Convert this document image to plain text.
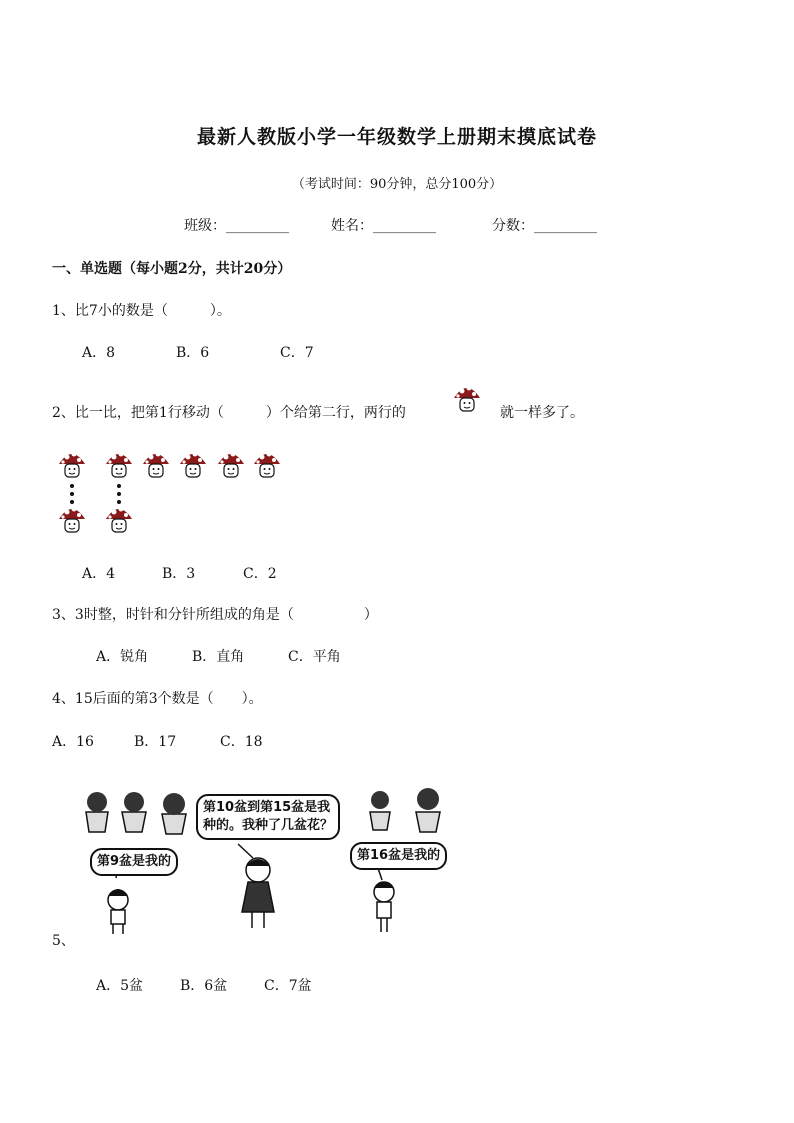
最新人教版小学一年级数学上册期末摸底试卷
（考试时间：90分钟，总分100分）
班级：_________	姓名：_________	分数：_________
一、单选题（每小题2分，共计20分）
1、比7小的数是（　　　）。
A．8	B．6	C．7
2、比一比，把第1行移动（　　　）个给第二行，两行的	就一样多了。
A．4	B．3	C．2
3、3时整，时针和分针所组成的角是（　　　　　）
A．锐角	B．直角	C．平角
4、15后面的第3个数是（　　）。
A．16	B．17	C．18
第9盆是我的
第10盆到第15盆是我
种的。我种了几盆花？
第16盆是我的
5、
A．5盆	B．6盆	C．7盆
